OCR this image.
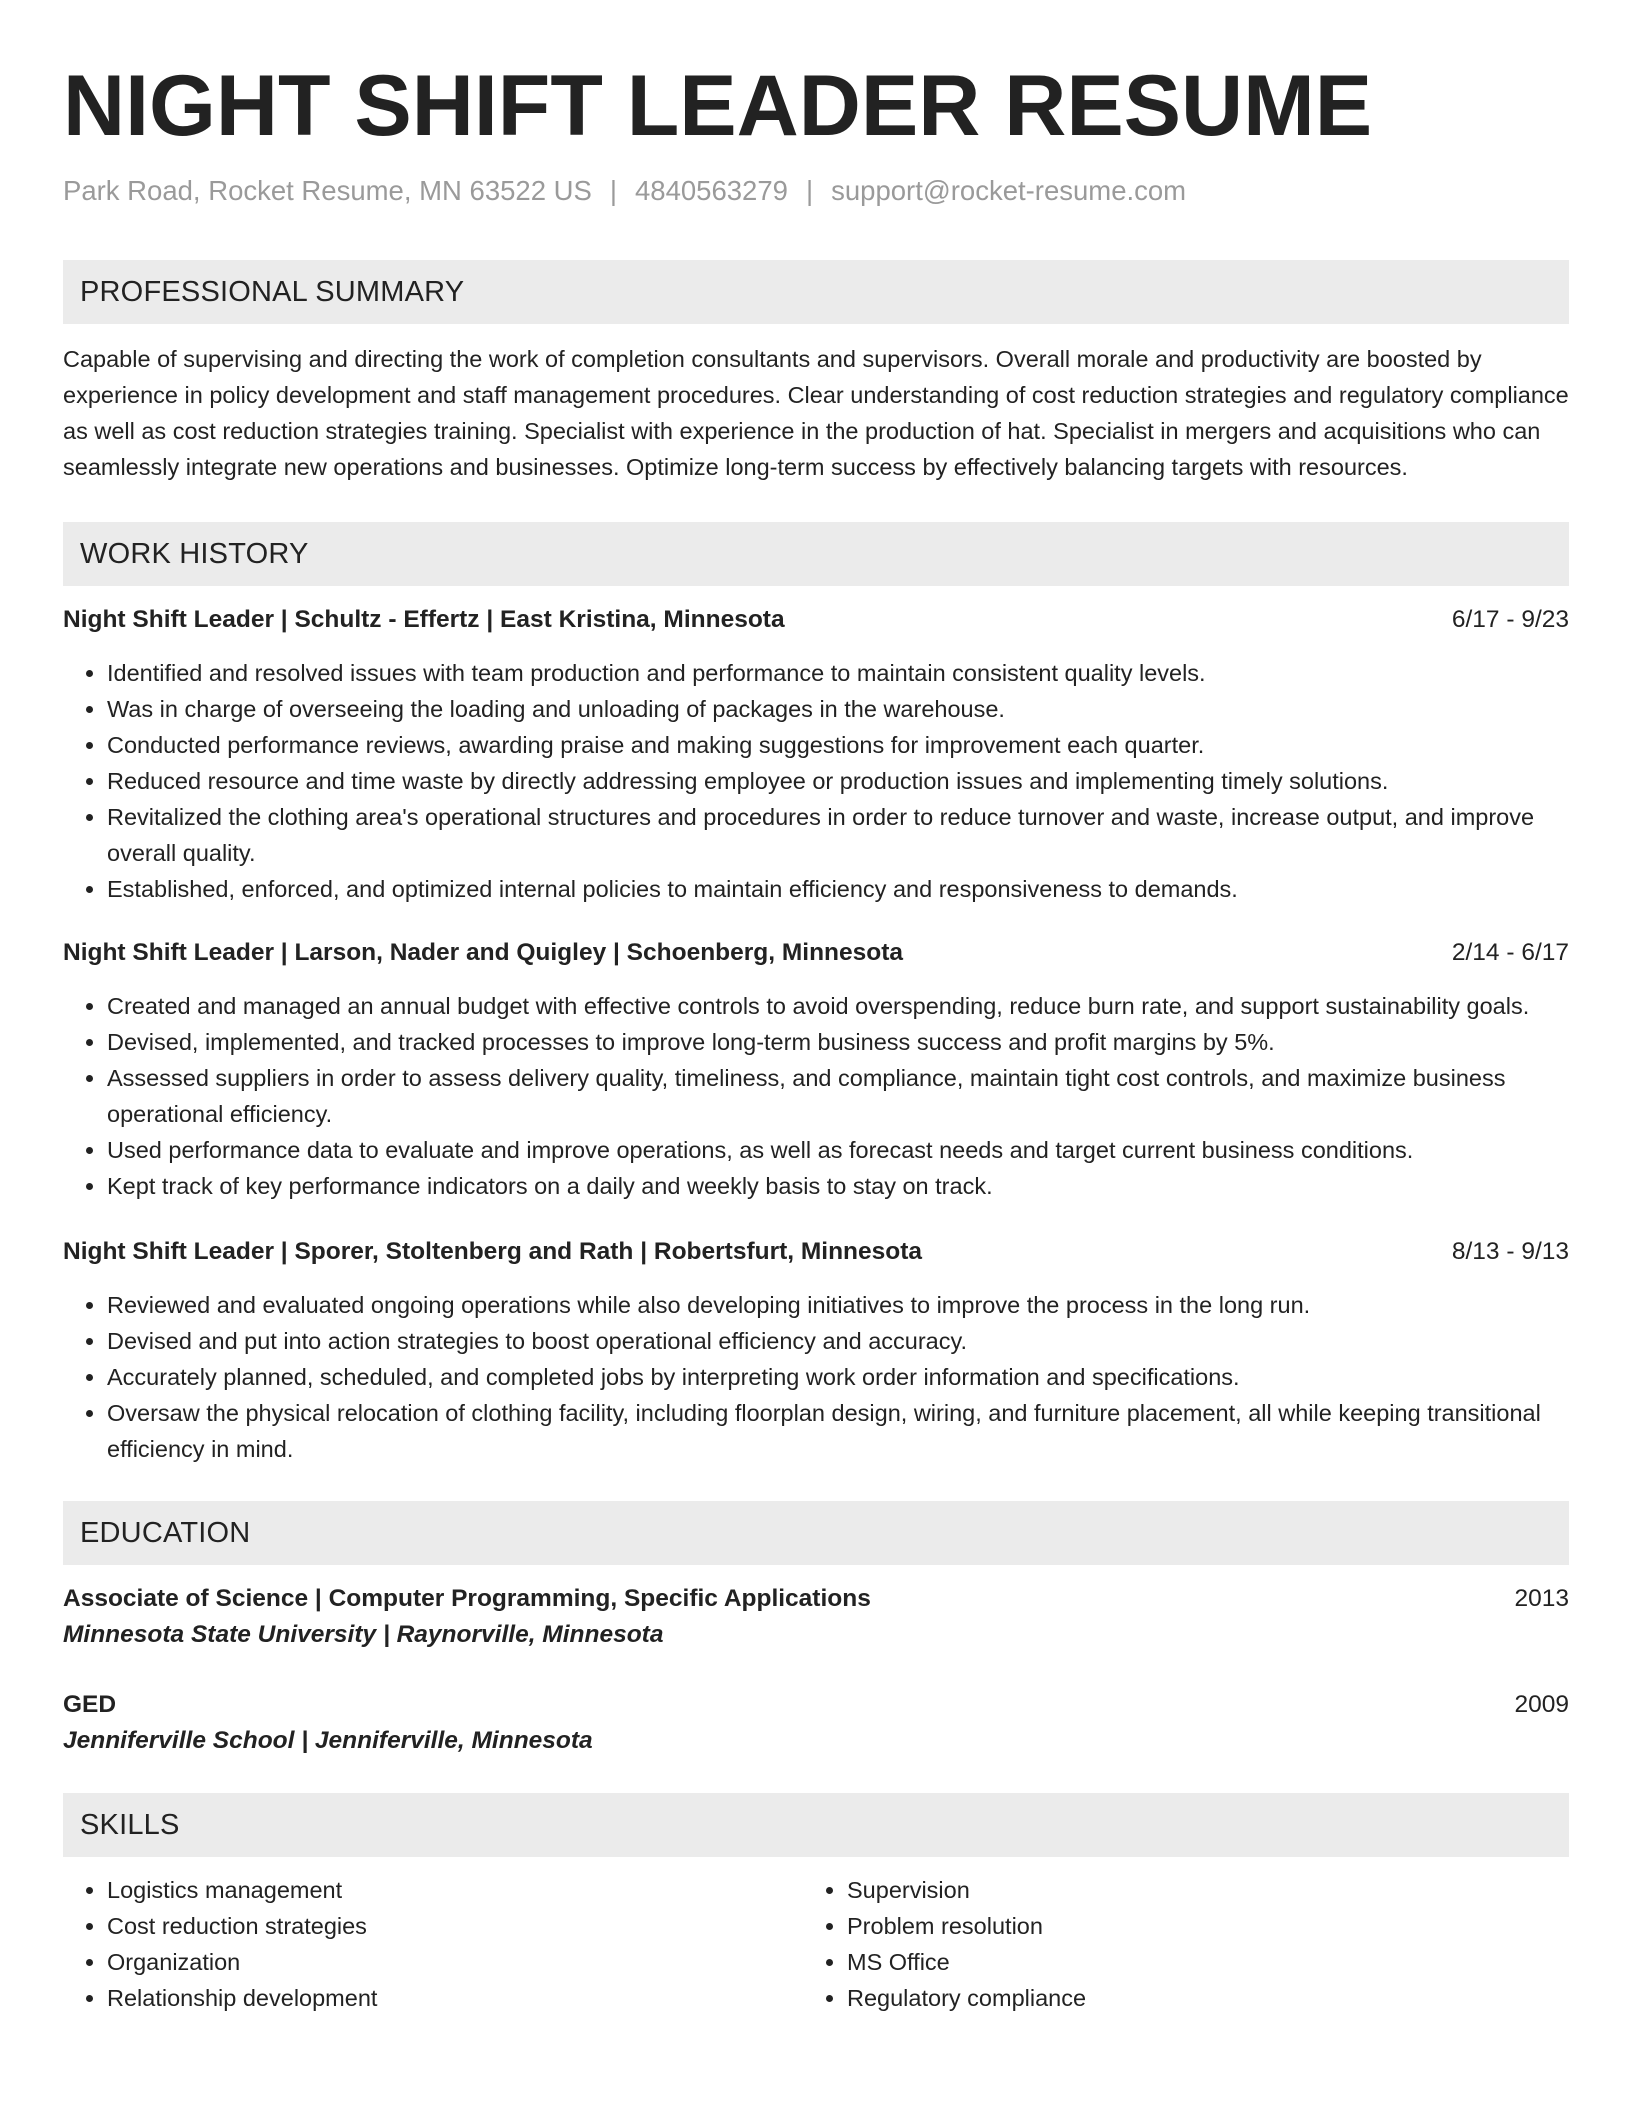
NIGHT SHIFT LEADER RESUME
Park Road, Rocket Resume, MN 63522 US | 4840563279 | support@rocket-resume.com
PROFESSIONAL SUMMARY
Capable of supervising and directing the work of completion consultants and supervisors. Overall morale and productivity are boosted by experience in policy development and staff management procedures. Clear understanding of cost reduction strategies and regulatory compliance as well as cost reduction strategies training. Specialist with experience in the production of hat. Specialist in mergers and acquisitions who can seamlessly integrate new operations and businesses. Optimize long-term success by effectively balancing targets with resources.
WORK HISTORY
Night Shift Leader | Schultz - Effertz | East Kristina, Minnesota	6/17 - 9/23
• Identified and resolved issues with team production and performance to maintain consistent quality levels.
• Was in charge of overseeing the loading and unloading of packages in the warehouse.
• Conducted performance reviews, awarding praise and making suggestions for improvement each quarter.
• Reduced resource and time waste by directly addressing employee or production issues and implementing timely solutions.
• Revitalized the clothing area's operational structures and procedures in order to reduce turnover and waste, increase output, and improve overall quality.
• Established, enforced, and optimized internal policies to maintain efficiency and responsiveness to demands.
Night Shift Leader | Larson, Nader and Quigley | Schoenberg, Minnesota	2/14 - 6/17
• Created and managed an annual budget with effective controls to avoid overspending, reduce burn rate, and support sustainability goals.
• Devised, implemented, and tracked processes to improve long-term business success and profit margins by 5%.
• Assessed suppliers in order to assess delivery quality, timeliness, and compliance, maintain tight cost controls, and maximize business operational efficiency.
• Used performance data to evaluate and improve operations, as well as forecast needs and target current business conditions.
• Kept track of key performance indicators on a daily and weekly basis to stay on track.
Night Shift Leader | Sporer, Stoltenberg and Rath | Robertsfurt, Minnesota	8/13 - 9/13
• Reviewed and evaluated ongoing operations while also developing initiatives to improve the process in the long run.
• Devised and put into action strategies to boost operational efficiency and accuracy.
• Accurately planned, scheduled, and completed jobs by interpreting work order information and specifications.
• Oversaw the physical relocation of clothing facility, including floorplan design, wiring, and furniture placement, all while keeping transitional efficiency in mind.
EDUCATION
Associate of Science | Computer Programming, Specific Applications	2013
Minnesota State University | Raynorville, Minnesota
GED	2009
Jenniferville School | Jenniferville, Minnesota
SKILLS
• Logistics management
• Cost reduction strategies
• Organization
• Relationship development
• Supervision
• Problem resolution
• MS Office
• Regulatory compliance
